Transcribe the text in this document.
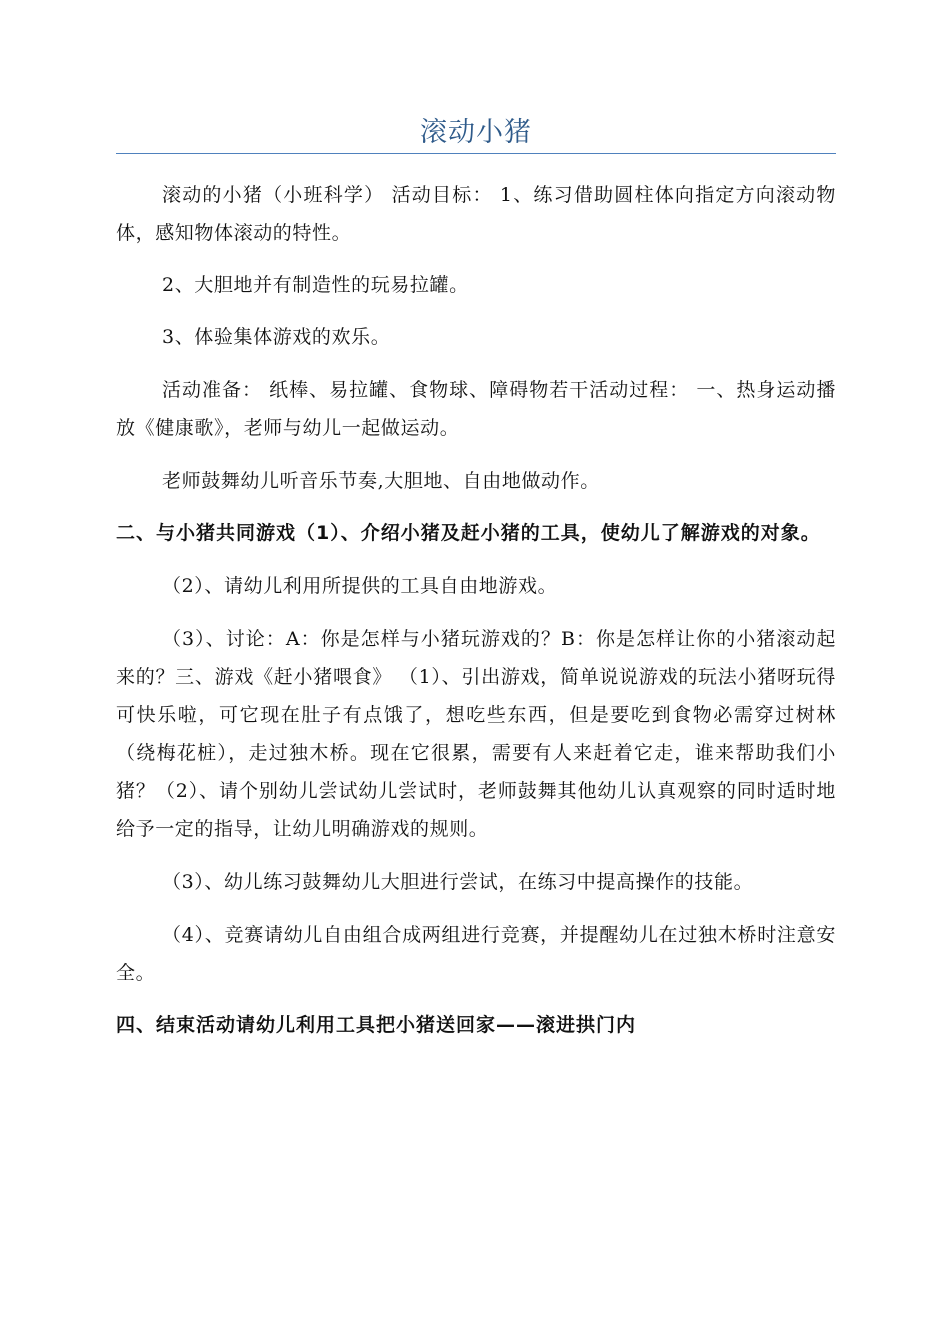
滚动小猪

滚动的小猪（小班科学） 活动目标： 1、练习借助圆柱体向指定方向滚动物体，感知物体滚动的特性。

2、大胆地并有制造性的玩易拉罐。

3、体验集体游戏的欢乐。

活动准备： 纸棒、易拉罐、食物球、障碍物若干活动过程： 一、热身运动播放《健康歌》，老师与幼儿一起做运动。

老师鼓舞幼儿听音乐节奏,大胆地、自由地做动作。

二、与小猪共同游戏（1）、介绍小猪及赶小猪的工具，使幼儿了解游戏的对象。

（2）、请幼儿利用所提供的工具自由地游戏。

（3）、讨论：A：你是怎样与小猪玩游戏的？B：你是怎样让你的小猪滚动起来的？三、游戏《赶小猪喂食》 （1）、引出游戏，简单说说游戏的玩法小猪呀玩得可快乐啦，可它现在肚子有点饿了，想吃些东西，但是要吃到食物必需穿过树林（绕梅花桩），走过独木桥。现在它很累，需要有人来赶着它走，谁来帮助我们小猪？（2）、请个别幼儿尝试幼儿尝试时，老师鼓舞其他幼儿认真观察的同时适时地给予一定的指导，让幼儿明确游戏的规则。

（3）、幼儿练习鼓舞幼儿大胆进行尝试，在练习中提高操作的技能。

（4）、竞赛请幼儿自由组合成两组进行竞赛，并提醒幼儿在过独木桥时注意安全。

四、结束活动请幼儿利用工具把小猪送回家——滚进拱门内
